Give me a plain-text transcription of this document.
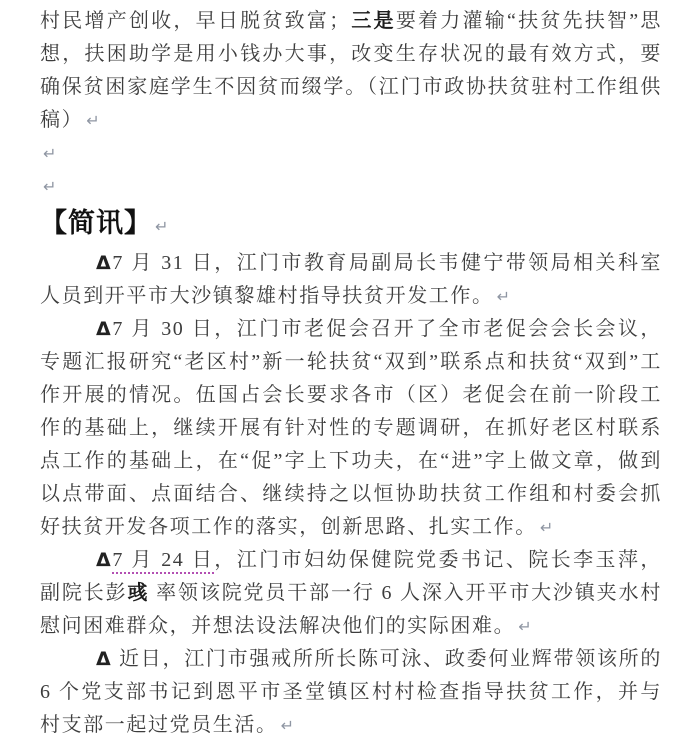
村民增产创收，早日脱贫致富；三是要着力灌输“扶贫先扶智”思想，扶困助学是用小钱办大事，改变生存状况的最有效方式，要确保贫困家庭学生不因贫而缀学。（江门市政协扶贫驻村工作组供稿） ↵

↵

↵

【简讯】 ↵

Δ7 月 31 日，江门市教育局副局长韦健宁带领局相关科室人员到开平市大沙镇黎雄村指导扶贫开发工作。 ↵

Δ7 月 30 日，江门市老促会召开了全市老促会会长会议，专题汇报研究“老区村”新一轮扶贫“双到”联系点和扶贫“双到”工作开展的情况。伍国占会长要求各市（区）老促会在前一阶段工作的基础上，继续开展有针对性的专题调研，在抓好老区村联系点工作的基础上，在“促”字上下功夫，在“进”字上做文章，做到以点带面、点面结合、继续持之以恒协助扶贫工作组和村委会抓好扶贫开发各项工作的落实，创新思路、扎实工作。 ↵

Δ7 月 24 日，江门市妇幼保健院党委书记、院长李玉萍，副院长彭彧 率领该院党员干部一行 6 人深入开平市大沙镇夹水村慰问困难群众，并想法设法解决他们的实际困难。 ↵

Δ 近日，江门市强戒所所长陈可泳、政委何业辉带领该所的 6 个党支部书记到恩平市圣堂镇区村村检查指导扶贫工作，并与村支部一起过党员生活。 ↵
